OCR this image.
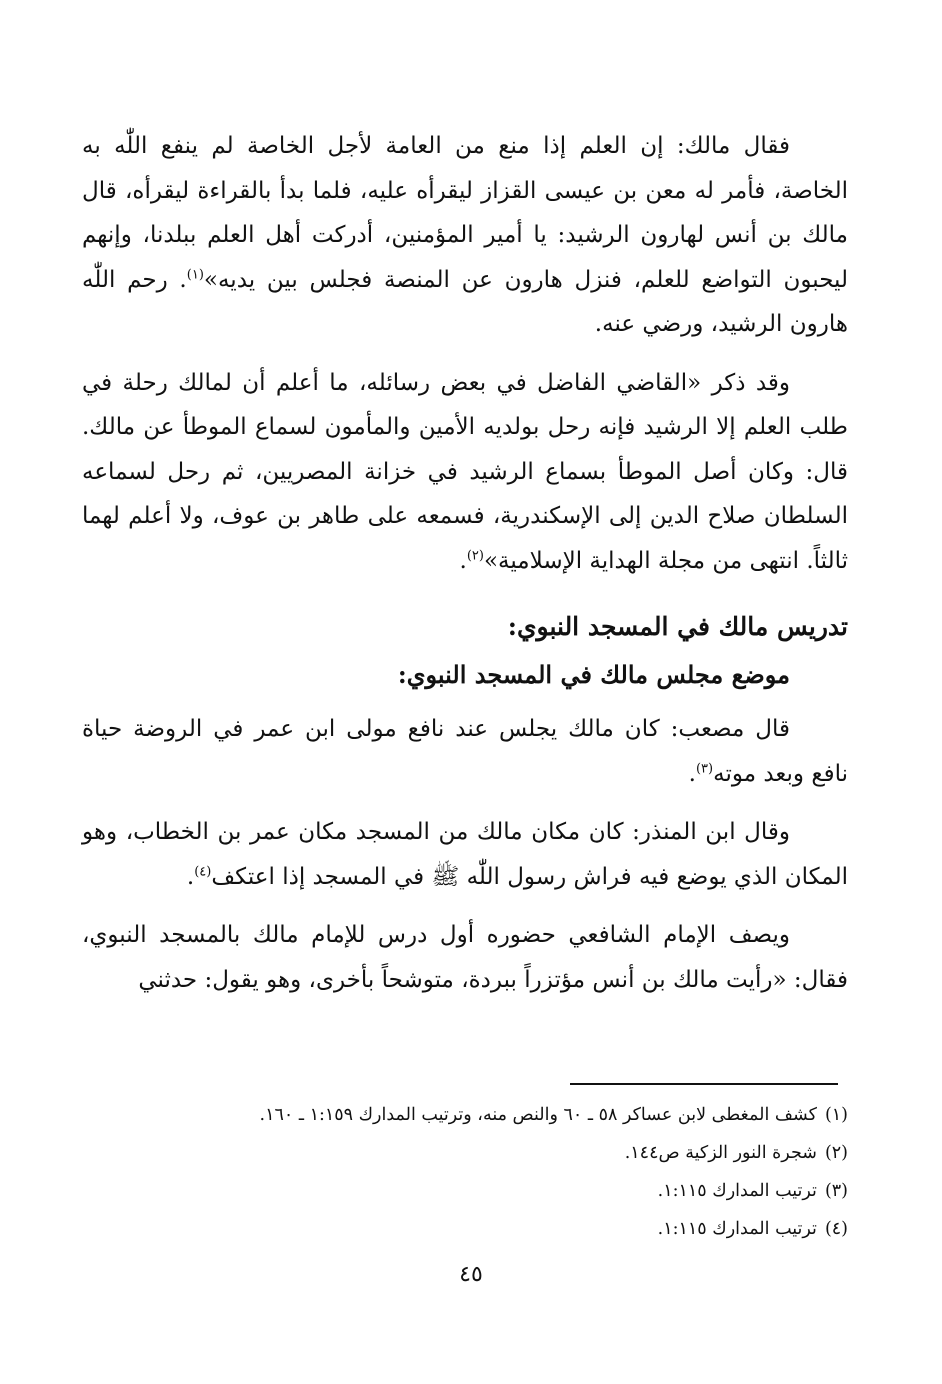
فقال مالك: إن العلم إذا منع من العامة لأجل الخاصة لم ينفع اللّٰه به الخاصة، فأمر له معن بن عيسى القزاز ليقرأه عليه، فلما بدأ بالقراءة ليقرأه، قال مالك بن أنس لهارون الرشيد: يا أمير المؤمنين، أدركت أهل العلم ببلدنا، وإنهم ليحبون التواضع للعلم، فنزل هارون عن المنصة فجلس بين يديه»$^{(١)}$. رحم اللّٰه هارون الرشيد، ورضي عنه.

وقد ذكر «القاضي الفاضل في بعض رسائله، ما أعلم أن لمالك رحلة في طلب العلم إلا الرشيد فإنه رحل بولديه الأمين والمأمون لسماع الموطأ عن مالك. قال: وكان أصل الموطأ بسماع الرشيد في خزانة المصريين، ثم رحل لسماعه السلطان صلاح الدين إلى الإسكندرية، فسمعه على طاهر بن عوف، ولا أعلم لهما ثالثاً. انتهى من مجلة الهداية الإسلامية»$^{(٢)}$.

تدريس مالك في المسجد النبوي:
موضع مجلس مالك في المسجد النبوي:

قال مصعب: كان مالك يجلس عند نافع مولى ابن عمر في الروضة حياة نافع وبعد موته$^{(٣)}$.

وقال ابن المنذر: كان مكان مالك من المسجد مكان عمر بن الخطاب، وهو المكان الذي يوضع فيه فراش رسول اللّٰه ﷺ في المسجد إذا اعتكف$^{(٤)}$.

ويصف الإمام الشافعي حضوره أول درس للإمام مالك بالمسجد النبوي، فقال: «رأيت مالك بن أنس مؤتزراً ببردة، متوشحاً بأخرى، وهو يقول: حدثني

(١)كشف المغطى لابن عساكر ٥٨ ـ ٦٠ والنص منه، وترتيب المدارك ١:١٥٩ ـ ١٦٠.

(٢)شجرة النور الزكية ص١٤٤.

(٣)ترتيب المدارك ١:١١٥.

(٤)ترتيب المدارك ١:١١٥.

٤٥
